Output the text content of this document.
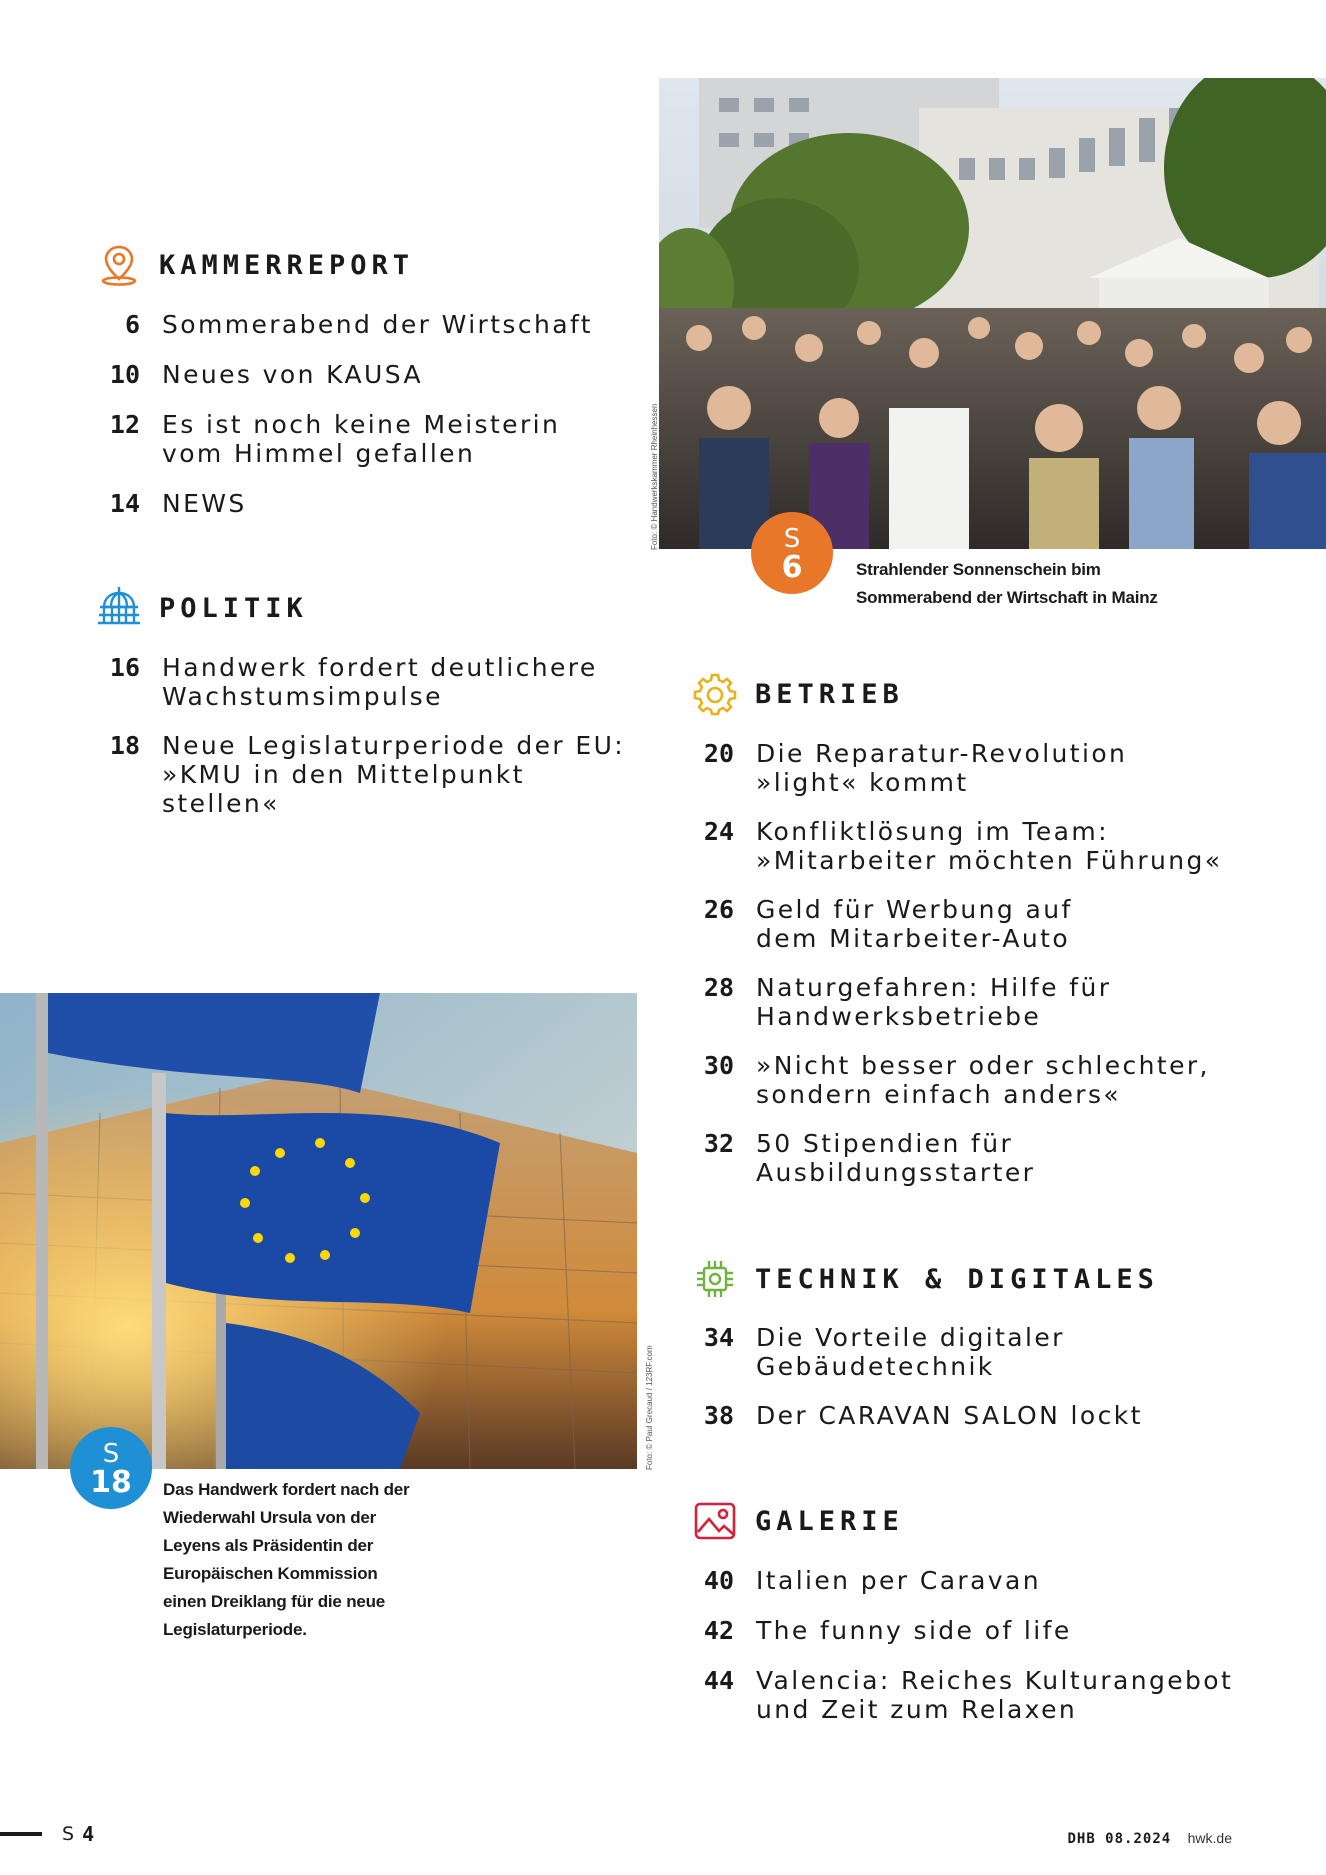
KAMMERREPORT
6 Sommerabend der Wirtschaft
10 Neues von KAUSA
12 Es ist noch keine Meisterin vom Himmel gefallen
14 NEWS
POLITIK
16 Handwerk fordert deutlichere Wachstumsimpulse
18 Neue Legislaturperiode der EU: »KMU in den Mittelpunkt stellen«
Foto: © Handwerkskammer Rheinhessen	S
6	Strahlender Sonnenschein bim Sommerabend der Wirtschaft in Mainz
BETRIEB
20 Die Reparatur-Revolution »light« kommt
24 Konfliktlösung im Team: »Mitarbeiter möchten Führung«
26 Geld für Werbung auf dem Mitarbeiter-Auto
28 Naturgefahren: Hilfe für Handwerksbetriebe
30 »Nicht besser oder schlechter, sondern einfach anders«
32 50 Stipendien für Ausbildungsstarter
Foto: © Paul Grecaud / 123RF.com
S
18	Das Handwerk fordert nach der Wiederwahl Ursula von der Leyens als Präsidentin der Europäischen Kommission einen Dreiklang für die neue Legislaturperiode.
TECHNIK & DIGITALES
34 Die Vorteile digitaler Gebäudetechnik
38 Der CARAVAN SALON lockt
GALERIE
40 Italien per Caravan
42 The funny side of life
44 Valencia: Reiches Kulturangebot und Zeit zum Relaxen
S 4	DHB 08.2024 hwk.de
